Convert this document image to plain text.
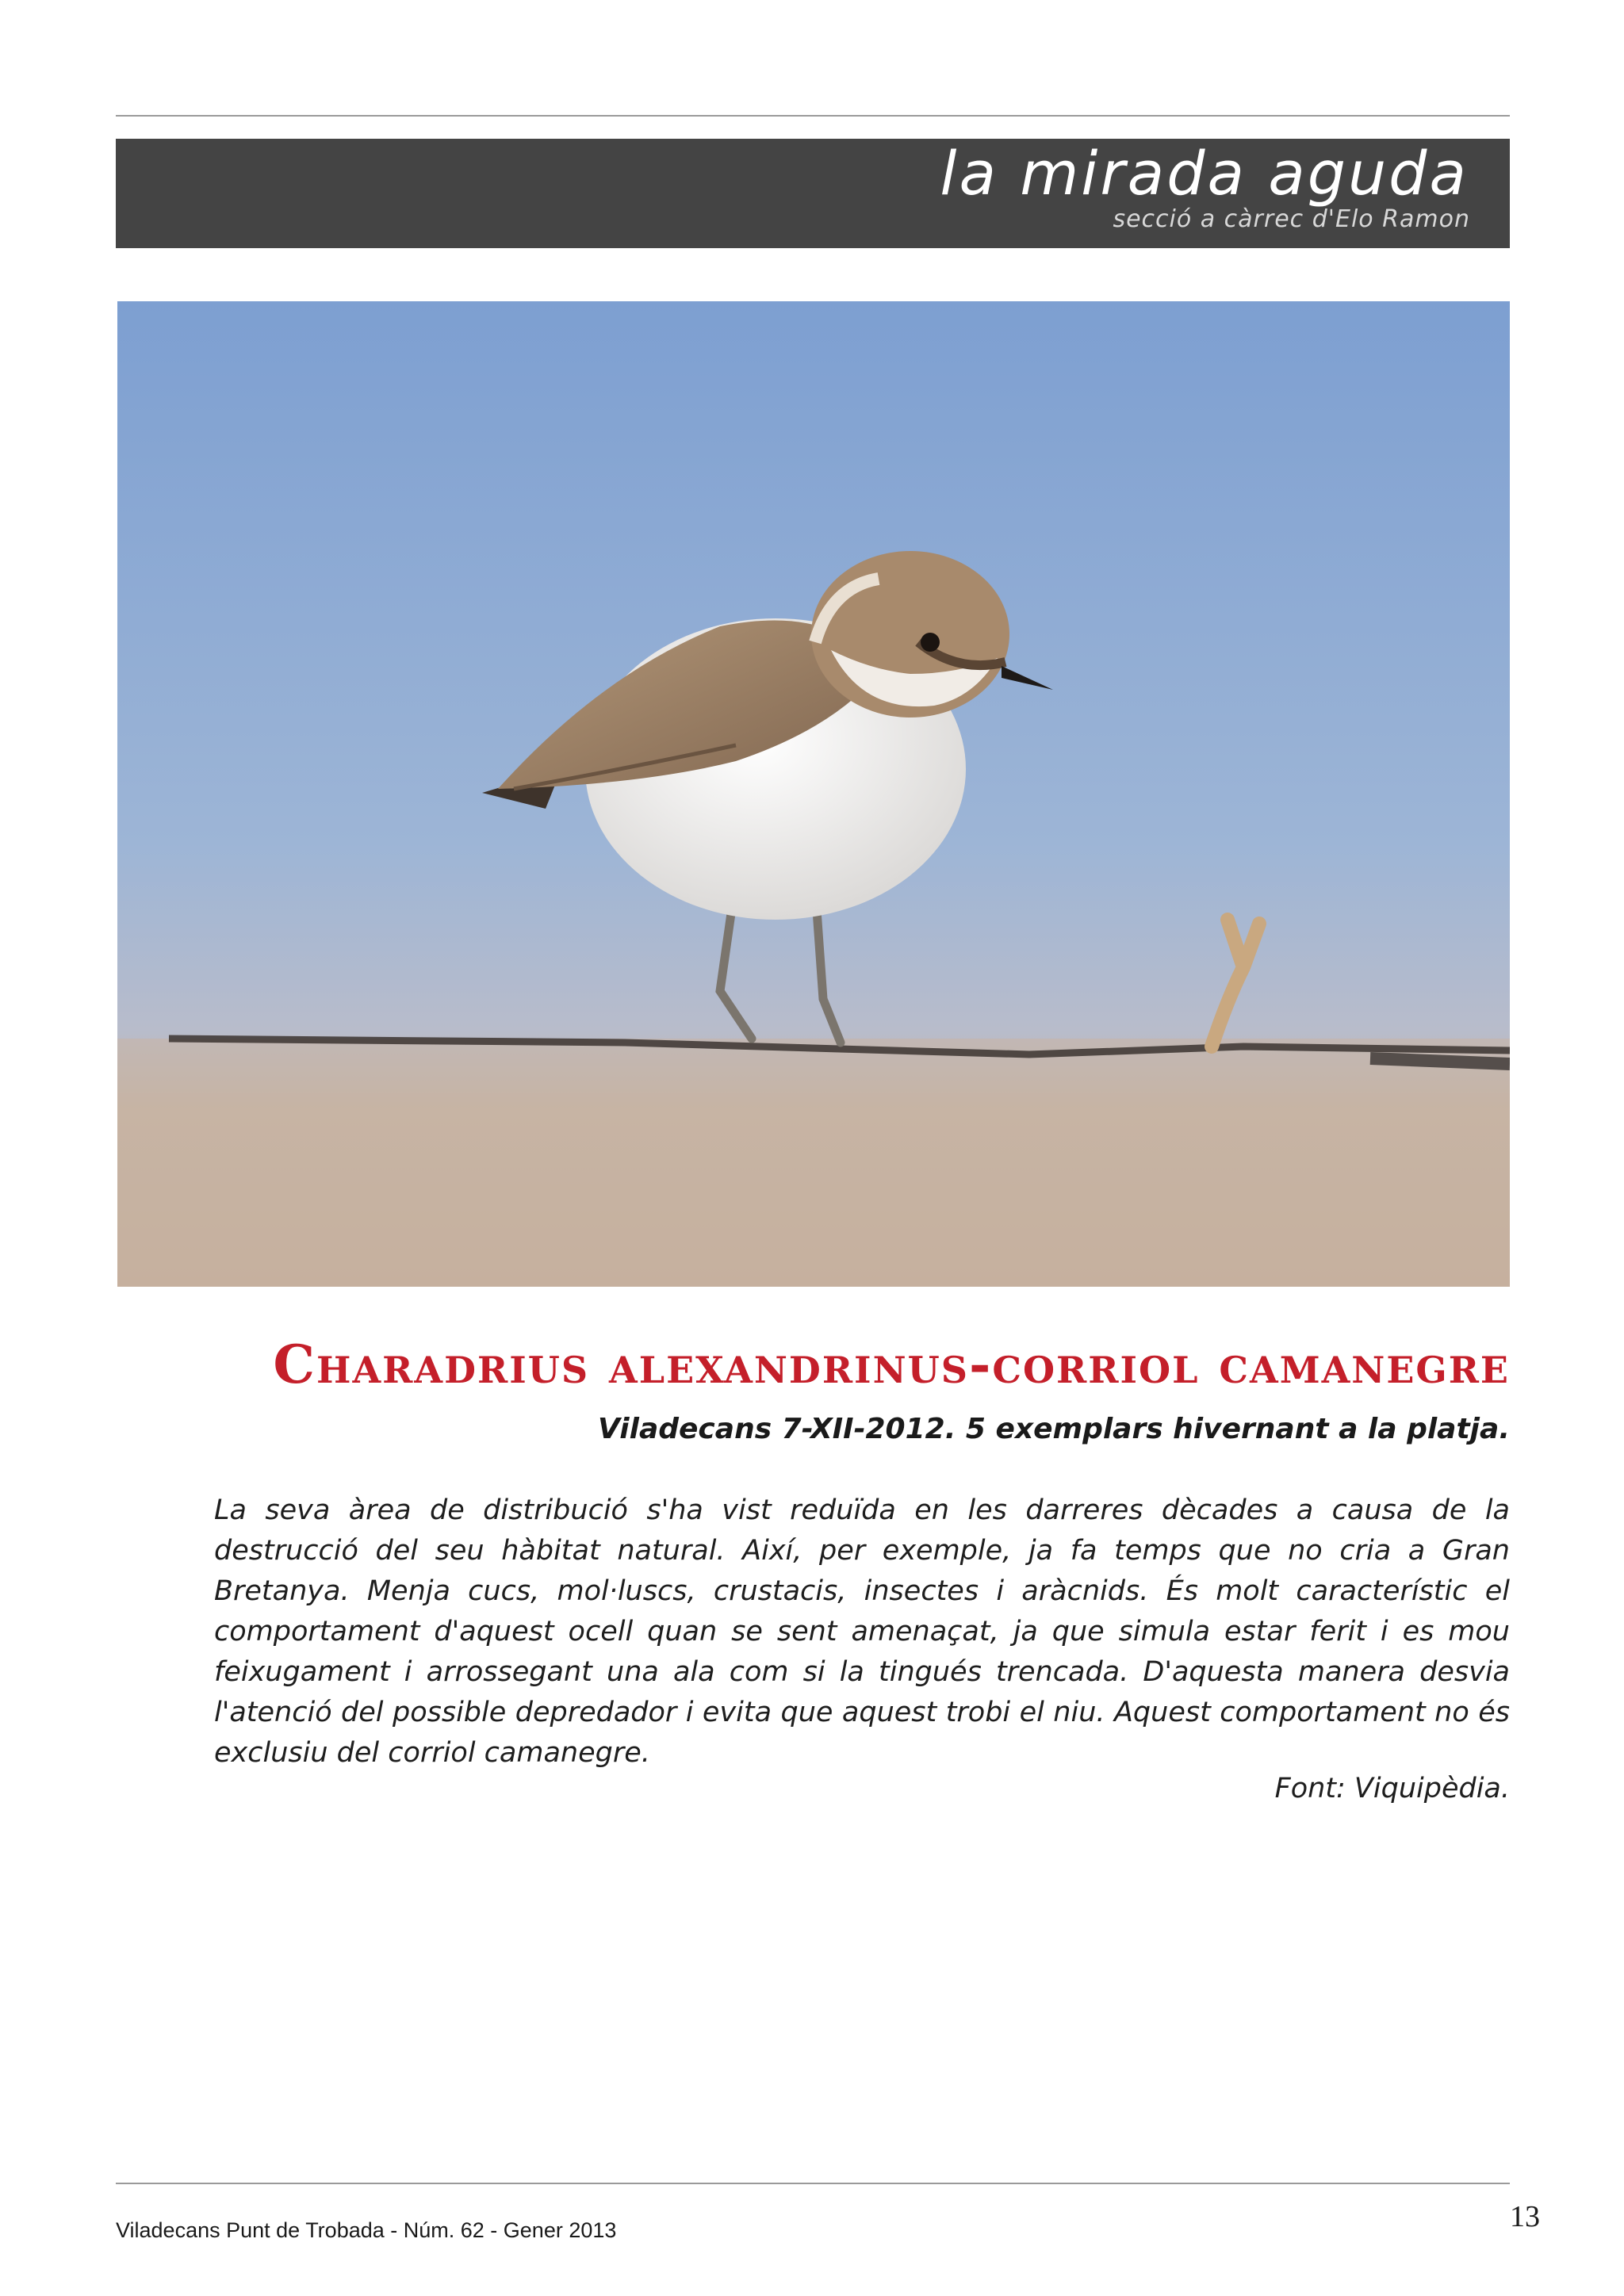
la mirada aguda
secció a càrrec d'Elo Ramon
Charadrius alexandrinus-corriol camanegre
Viladecans 7-XII-2012. 5 exemplars hivernant a la platja.
La seva àrea de distribució s'ha vist reduïda en les darreres dècades a causa de la destrucció del seu hàbitat natural. Així, per exemple, ja fa temps que no cria a Gran Bretanya. Menja cucs, mol·luscs, crustacis, insectes i aràcnids. És molt característic el comportament d'aquest ocell quan se sent amenaçat, ja que simula estar ferit i es mou feixugament i arrossegant una ala com si la tingués trencada. D'aquesta manera desvia l'atenció del possible depredador i evita que aquest trobi el niu. Aquest comportament no és exclusiu del corriol camanegre.
Font: Viquipèdia.
Viladecans Punt de Trobada - Núm. 62 - Gener 2013	13
